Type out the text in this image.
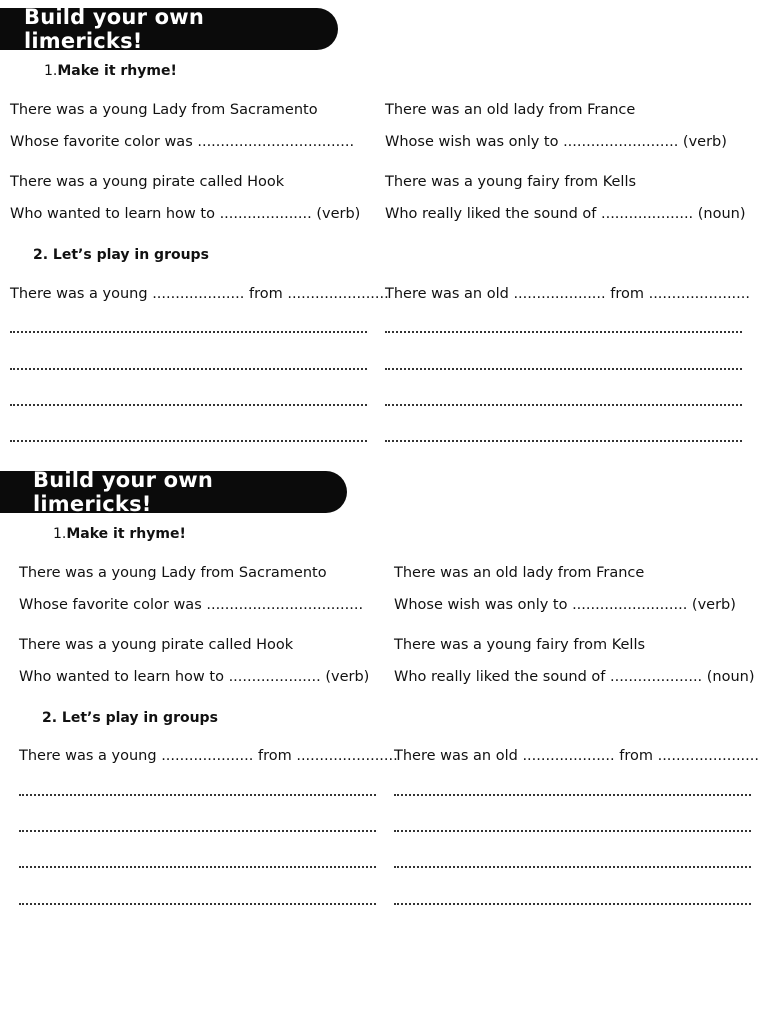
Build your own limericks!
1.Make it rhyme!
There was a young Lady from Sacramento
Whose favorite color was ..................................
There was an old lady from France
Whose wish was only to ......................... (verb)
There was a young pirate called Hook
Who wanted to learn how to .................... (verb)
There was a young fairy from Kells
Who really liked the sound of .................... (noun)
2. Let’s play in groups
There was a young .................... from ......................
There was an old .................... from ......................
Build your own limericks!
1.Make it rhyme!
There was a young Lady from Sacramento
Whose favorite color was ..................................
There was an old lady from France
Whose wish was only to ......................... (verb)
There was a young pirate called Hook
Who wanted to learn how to .................... (verb)
There was a young fairy from Kells
Who really liked the sound of .................... (noun)
2. Let’s play in groups
There was a young .................... from ......................
There was an old .................... from ......................
